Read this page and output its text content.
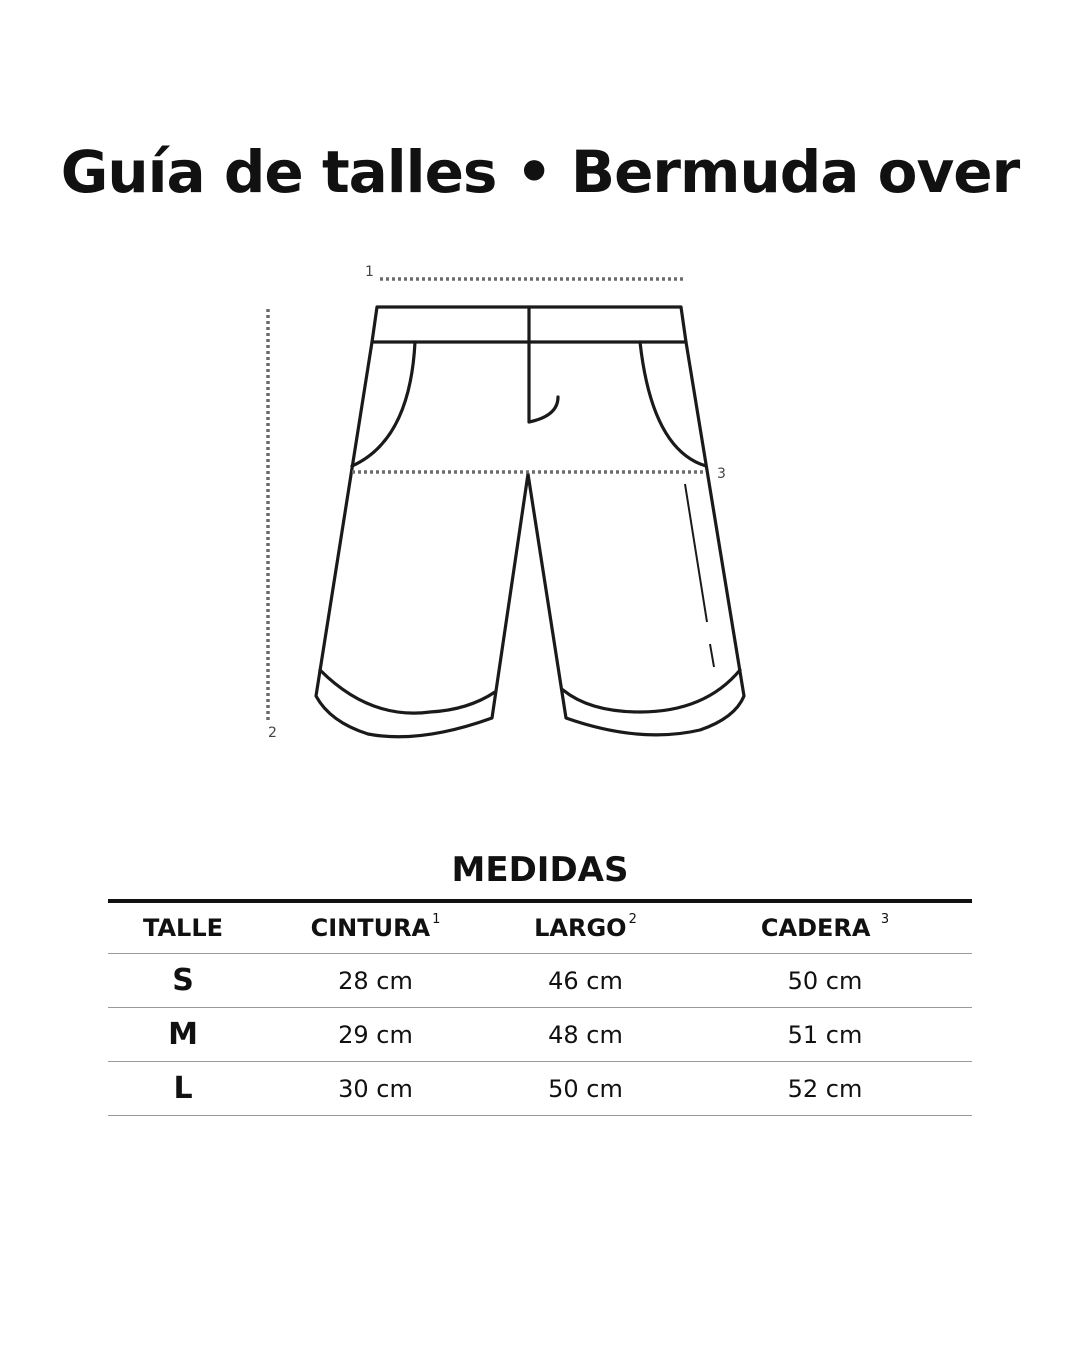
Guía de talles • Bermuda over
1
2
3
MEDIDAS
TALLE	CINTURA $^1$	LARGO $^2$	CADERA $^3$
S	28 cm	46 cm	50 cm
M	29 cm	48 cm	51 cm
L	30 cm	50 cm	52 cm
